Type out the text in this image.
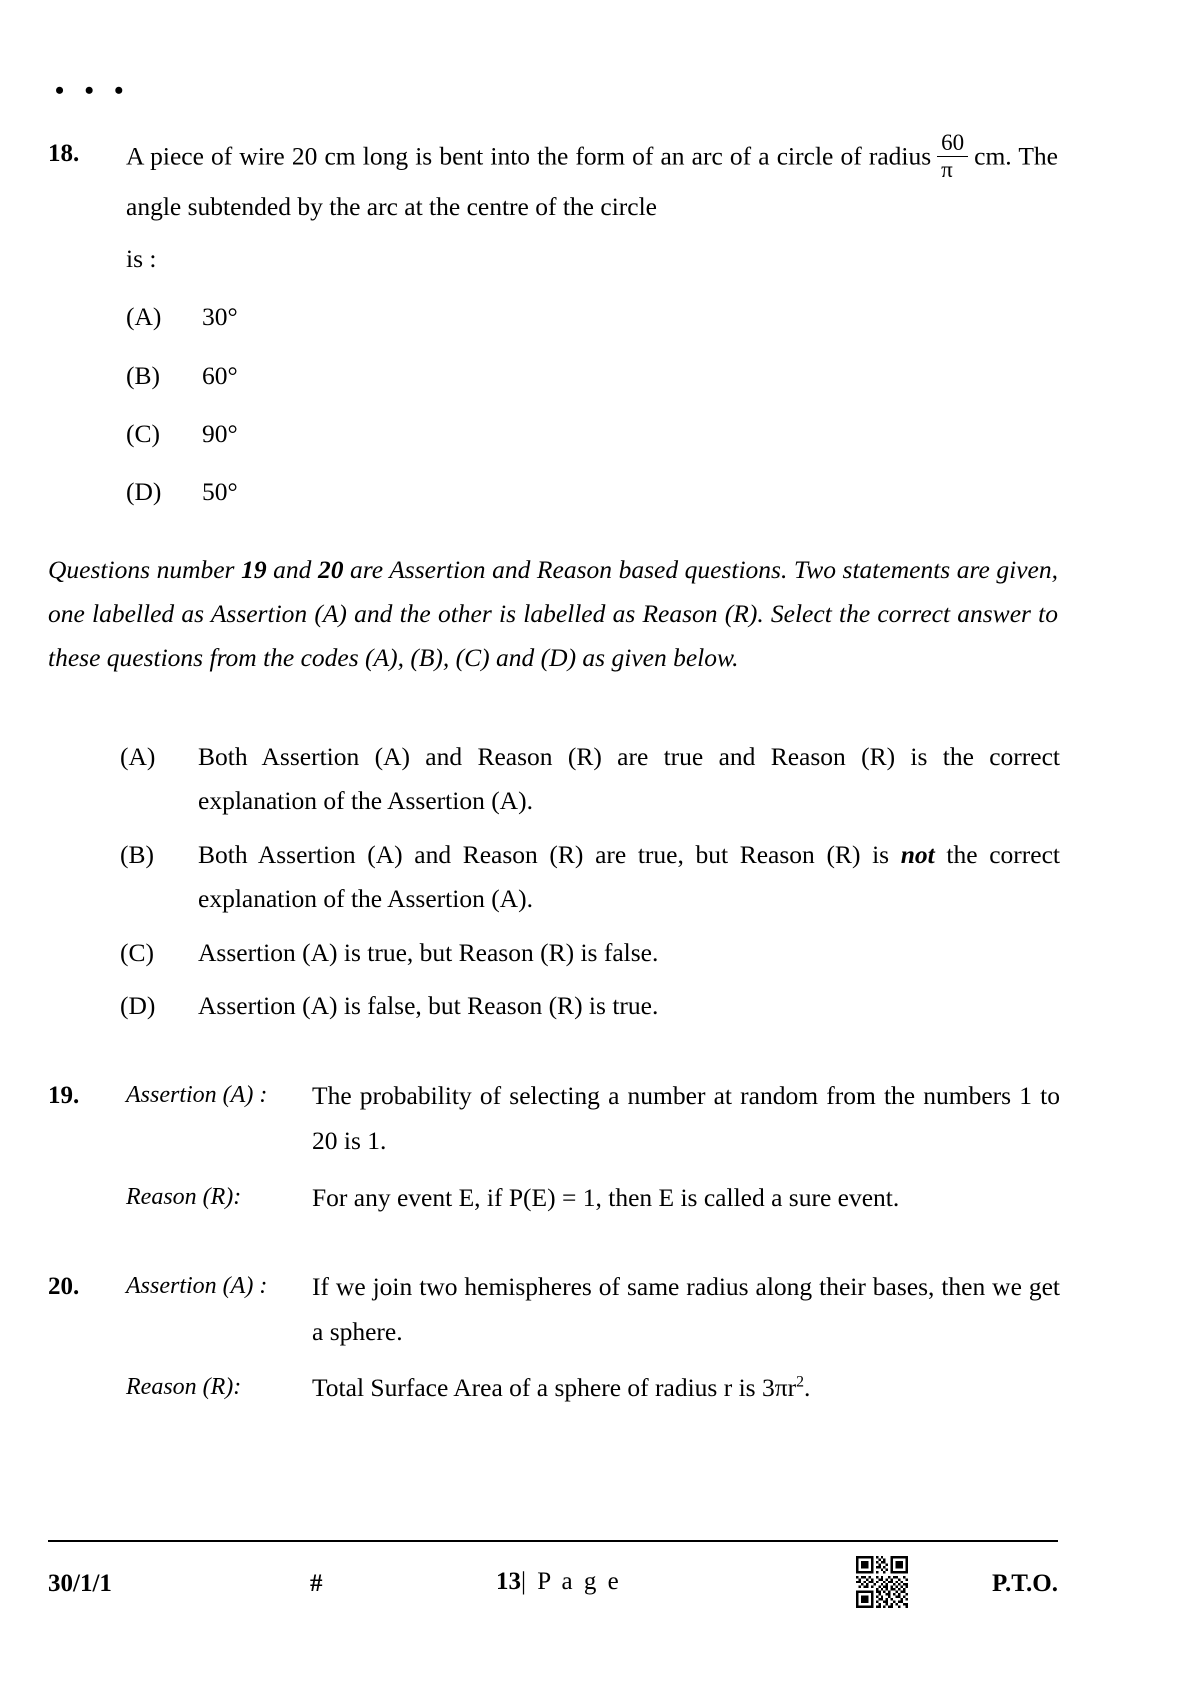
• • •
18.	A piece of wire 20 cm long is bent into the form of an arc of a circle of radius $\frac{60}{\pi}$ cm. The angle subtended by the arc at the centre of the circle

is :
(A) 30°
(B) 60°
(C) 90°
(D) 50°
Questions number 19 and 20 are Assertion and Reason based questions. Two statements are given, one labelled as Assertion (A) and the other is labelled as Reason (R). Select the correct answer to these questions from the codes (A), (B), (C) and (D) as given below.
(A)	Both Assertion (A) and Reason (R) are true and Reason (R) is the correct explanation of the Assertion (A).
(B)	Both Assertion (A) and Reason (R) are true, but Reason (R) is not the correct explanation of the Assertion (A).
(C)	Assertion (A) is true, but Reason (R) is false.
(D)	Assertion (A) is false, but Reason (R) is true.
19.	Assertion (A) :	The probability of selecting a number at random from the numbers 1 to 20 is 1.
Reason (R):	For any event E, if P(E) = 1, then E is called a sure event.
20.	Assertion (A) :	If we join two hemispheres of same radius along their bases, then we get a sphere.
Reason (R):	Total Surface Area of a sphere of radius r is $3\pi r^2$.
30/1/1	#	13| P a g e	P.T.O.
